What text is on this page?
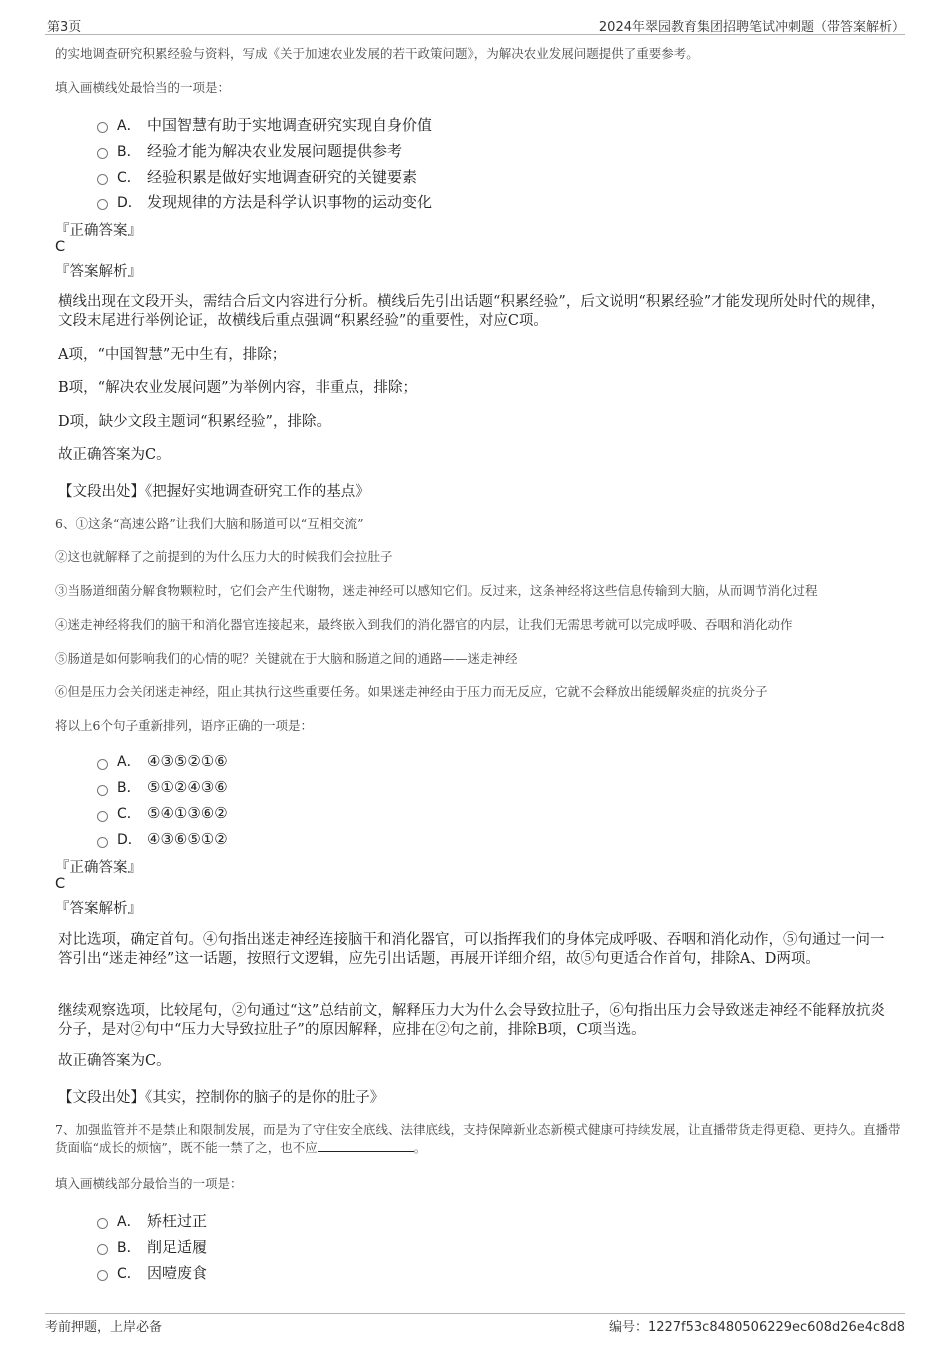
第3页	2024年翠园教育集团招聘笔试冲刺题（带答案解析）
的实地调查研究积累经验与资料，写成《关于加速农业发展的若干政策问题》，为解决农业发展问题提供了重要参考。
填入画横线处最恰当的一项是：
A． 中国智慧有助于实地调查研究实现自身价值
B． 经验才能为解决农业发展问题提供参考
C． 经验积累是做好实地调查研究的关键要素
D． 发现规律的方法是科学认识事物的运动变化
『正确答案』
C
『答案解析』
横线出现在文段开头，需结合后文内容进行分析。横线后先引出话题“积累经验”，后文说明“积累经验”才能发现所处时代的规律，文段末尾进行举例论证，故横线后重点强调“积累经验”的重要性，对应C项。
A项，“中国智慧”无中生有，排除；
B项，“解决农业发展问题”为举例内容，非重点，排除；
D项，缺少文段主题词“积累经验”，排除。
故正确答案为C。
【文段出处】《把握好实地调查研究工作的基点》
6、①这条“高速公路”让我们大脑和肠道可以“互相交流”
②这也就解释了之前提到的为什么压力大的时候我们会拉肚子
③当肠道细菌分解食物颗粒时，它们会产生代谢物，迷走神经可以感知它们。反过来，这条神经将这些信息传输到大脑，从而调节消化过程
④迷走神经将我们的脑干和消化器官连接起来，最终嵌入到我们的消化器官的内层，让我们无需思考就可以完成呼吸、吞咽和消化动作
⑤肠道是如何影响我们的心情的呢？关键就在于大脑和肠道之间的通路——迷走神经
⑥但是压力会关闭迷走神经，阻止其执行这些重要任务。如果迷走神经由于压力而无反应，它就不会释放出能缓解炎症的抗炎分子
将以上6个句子重新排列，语序正确的一项是：
A． ④③⑤②①⑥
B． ⑤①②④③⑥
C． ⑤④①③⑥②
D． ④③⑥⑤①②
『正确答案』
C
『答案解析』
对比选项，确定首句。④句指出迷走神经连接脑干和消化器官，可以指挥我们的身体完成呼吸、吞咽和消化动作，⑤句通过一问一答引出“迷走神经”这一话题，按照行文逻辑，应先引出话题，再展开详细介绍，故⑤句更适合作首句，排除A、D两项。
继续观察选项，比较尾句，②句通过“这”总结前文，解释压力大为什么会导致拉肚子，⑥句指出压力会导致迷走神经不能释放抗炎分子，是对②句中“压力大导致拉肚子”的原因解释，应排在②句之前，排除B项，C项当选。
故正确答案为C。
【文段出处】《其实，控制你的脑子的是你的肚子》
7、加强监管并不是禁止和限制发展，而是为了守住安全底线、法律底线，支持保障新业态新模式健康可持续发展，让直播带货走得更稳、更持久。直播带货面临“成长的烦恼”，既不能一禁了之，也不应	。
填入画横线部分最恰当的一项是：
A． 矫枉过正
B． 削足适履
C． 因噎废食
考前押题，上岸必备	编号：1227f53c8480506229ec608d26e4c8d8
